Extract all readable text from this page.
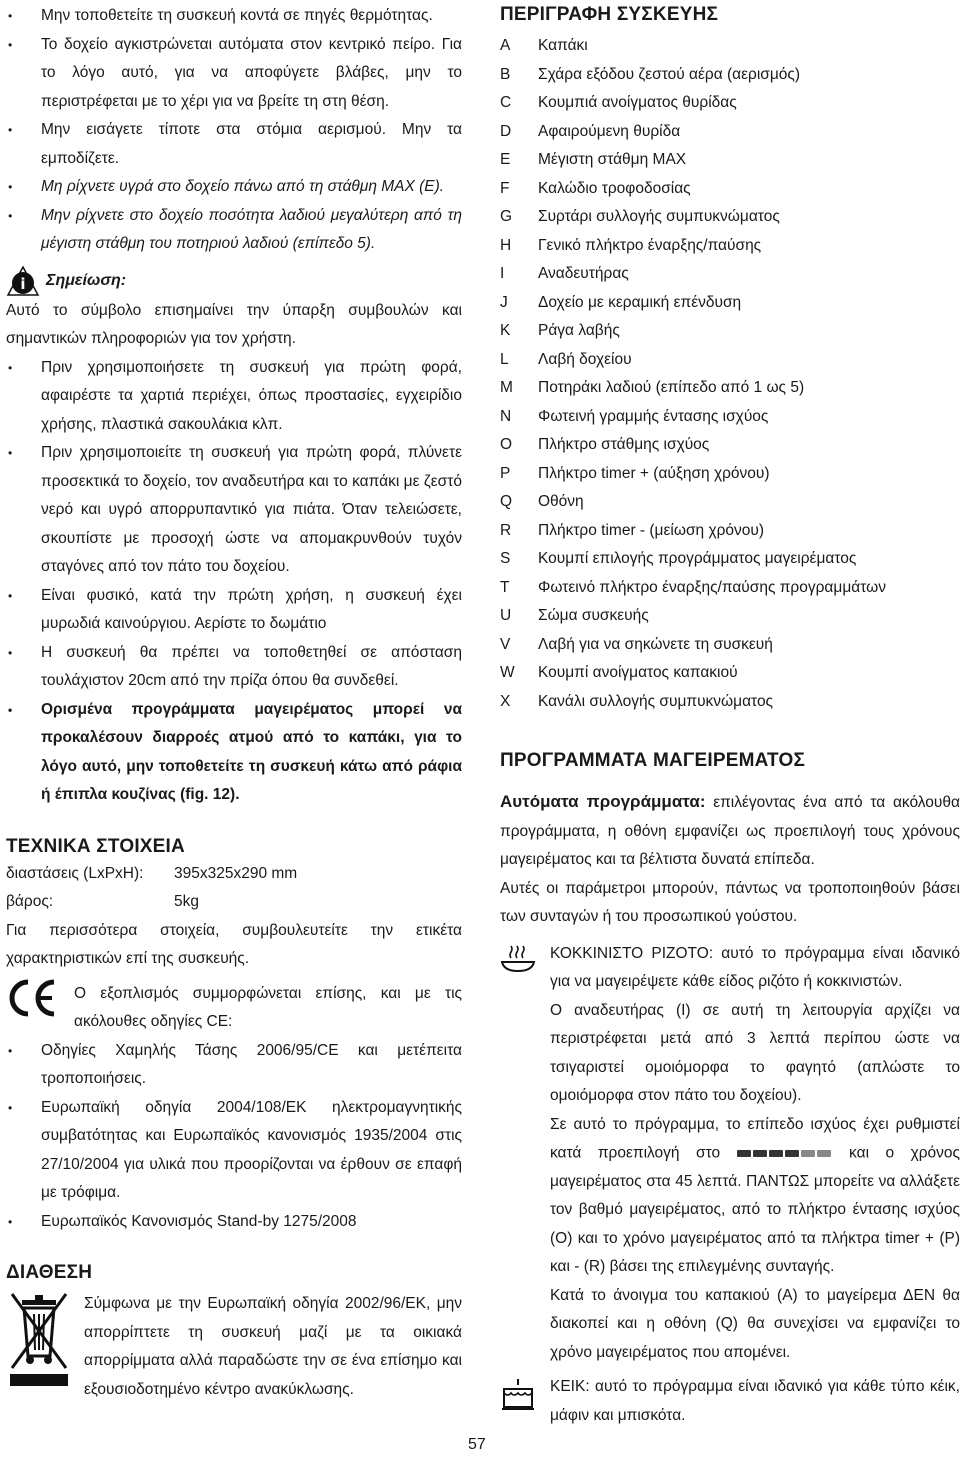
• Μην τοποθετείτε τη συσκευή κοντά σε πηγές θερμότητας.
• Το δοχείο αγκιστρώνεται αυτόματα στον κεντρικό πείρο. Για το λόγο αυτό, για να αποφύγετε βλάβες, μην το περιστρέφεται με το χέρι για να βρείτε τη στη θέση.
• Μην εισάγετε τίποτε στα στόμια αερισμού. Μην τα εμποδίζετε.
• Μη ρίχνετε υγρά στο δοχείο πάνω από τη στάθμη MAX (E).
• Μην ρίχνετε στο δοχείο ποσότητα λαδιού μεγαλύτερη από τη μέγιστη στάθμη του ποτηριού λαδιού (επίπεδο 5).
i Σημείωση:

Αυτό το σύμβολο επισημαίνει την ύπαρξη συμβουλών και σημαντικών πληροφοριών για τον χρήστη.

• Πριν χρησιμοποιήσετε τη συσκευή για πρώτη φορά, αφαιρέστε τα χαρτιά περιέχει, όπως προστασίες, εγχειρίδιο χρήσης, πλαστικά σακουλάκια κλπ.
• Πριν χρησιμοποιείτε τη συσκευή για πρώτη φορά, πλύνετε προσεκτικά το δοχείο, τον αναδευτήρα και το καπάκι με ζεστό νερό και υγρό απορρυπαντικό για πιάτα. Όταν τελειώσετε, σκουπίστε με προσοχή ώστε να απομακρυνθούν τυχόν σταγόνες από τον πάτο του δοχείου.
• Είναι φυσικό, κατά την πρώτη χρήση, η συσκευή έχει μυρωδιά καινούργιου. Αερίστε το δωμάτιο
• Η συσκευή θα πρέπει να τοποθετηθεί σε απόσταση τουλάχιστον 20cm από την πρίζα όπου θα συνδεθεί.
• Ορισμένα προγράμματα μαγειρέματος μπορεί να προκαλέσουν διαρροές ατμού από το καπάκι, για το λόγο αυτό, μην τοποθετείτε τη συσκευή κάτω από ράφια ή έπιπλα κουζίνας (fig. 12).
ΤΕΧΝΙΚΑ ΣΤΟΙΧΕΙΑ
διαστάσεις (LxPxH):	395x325x290 mm
βάρος:	5kg

Για περισσότερα στοιχεία, συμβουλευτείτε την ετικέτα χαρακτηριστικών επί της συσκευής.

Ο εξοπλισμός συμμορφώνεται επίσης, και με τις ακόλουθες οδηγίες CE:

• Οδηγίες Χαμηλής Τάσης 2006/95/CE και μετέπειτα τροποποιήσεις.
• Ευρωπαϊκή οδηγία 2004/108/EK ηλεκτρομαγνητικής συμβατότητας και Ευρωπαϊκός κανονισμός 1935/2004 στις 27/10/2004 για υλικά που προορίζονται να έρθουν σε επαφή με τρόφιμα.
• Ευρωπαϊκός Κανονισμός Stand-by 1275/2008
ΔΙΑΘΕΣΗ

Σύμφωνα με την Ευρωπαϊκή οδηγία 2002/96/ΕΚ, μην απορρίπτετε τη συσκευή μαζί με τα οικιακά απορρίμματα αλλά παραδώστε την σε ένα επίσημο και εξουσιοδοτημένο κέντρο ανακύκλωσης.

ΠΕΡΙΓΡΑΦΗ ΣΥΣΚΕΥΗΣ
A	Καπάκι
B	Σχάρα εξόδου ζεστού αέρα (αερισμός)
C	Κουμπιά ανοίγματος θυρίδας
D	Αφαιρούμενη θυρίδα
E	Μέγιστη στάθμη MAX
F	Καλώδιο τροφοδοσίας
G	Συρτάρι συλλογής συμπυκνώματος
H	Γενικό πλήκτρο έναρξης/παύσης
I	Αναδευτήρας
J	Δοχείο με κεραμική επένδυση
K	Ράγα λαβής
L	Λαβή δοχείου
M	Ποτηράκι λαδιού (επίπεδο από 1 ως 5)
N	Φωτεινή γραμμής έντασης ισχύος
O	Πλήκτρο στάθμης ισχύος
P	Πλήκτρο timer + (αύξηση χρόνου)
Q	Οθόνη
R	Πλήκτρο timer - (μείωση χρόνου)
S	Κουμπί επιλογής προγράμματος μαγειρέματος
T	Φωτεινό πλήκτρο έναρξης/παύσης προγραμμάτων
U	Σώμα συσκευής
V	Λαβή για να σηκώνετε τη συσκευή
W	Κουμπί ανοίγματος καπακιού
X	Κανάλι συλλογής συμπυκνώματος
ΠΡΟΓΡΑΜΜΑΤΑ ΜΑΓΕΙΡΕΜΑΤΟΣ

Αυτόματα προγράμματα: επιλέγοντας ένα από τα ακόλουθα προγράμματα, η οθόνη εμφανίζει ως προεπιλογή τους χρόνους μαγειρέματος και τα βέλτιστα δυνατά επίπεδα.

Αυτές οι παράμετροι μπορούν, πάντως να τροποποιηθούν βάσει των συνταγών ή του προσωπικού γούστου.

ΚΟΚΚΙΝΙΣΤΟ ΡΙΖΟΤΟ: αυτό το πρόγραμμα είναι ιδανικό για να μαγειρέψετε κάθε είδος ριζότο ή κοκκινιστών.

Ο αναδευτήρας (I) σε αυτή τη λειτουργία αρχίζει να περιστρέφεται μετά από 3 λεπτά περίπου ώστε να τσιγαριστεί ομοιόμορφα το φαγητό (απλώστε το ομοιόμορφα στον πάτο του δοχείου).

Σε αυτό το πρόγραμμα, το επίπεδο ισχύος έχει ρυθμιστεί κατά προεπιλογή στο	και ο χρόνος μαγειρέματος στα 45 λεπτά. ΠΑΝΤΩΣ μπορείτε να αλλάξετε τον βαθμό μαγειρέματος, από το πλήκτρο έντασης ισχύος (O) και το χρόνο μαγειρέματος από τα πλήκτρα timer + (P) και - (R) βάσει της επιλεγμένης συνταγής.

Κατά το άνοιγμα του καπακιού (A) το μαγείρεμα ΔΕΝ θα διακοπεί και η οθόνη (Q) θα συνεχίσει να εμφανίζει το χρόνο μαγειρέματος που απομένει.

ΚΕΙΚ: αυτό το πρόγραμμα είναι ιδανικό για κάθε τύπο κέικ, μάφιν και μπισκότα.

57
